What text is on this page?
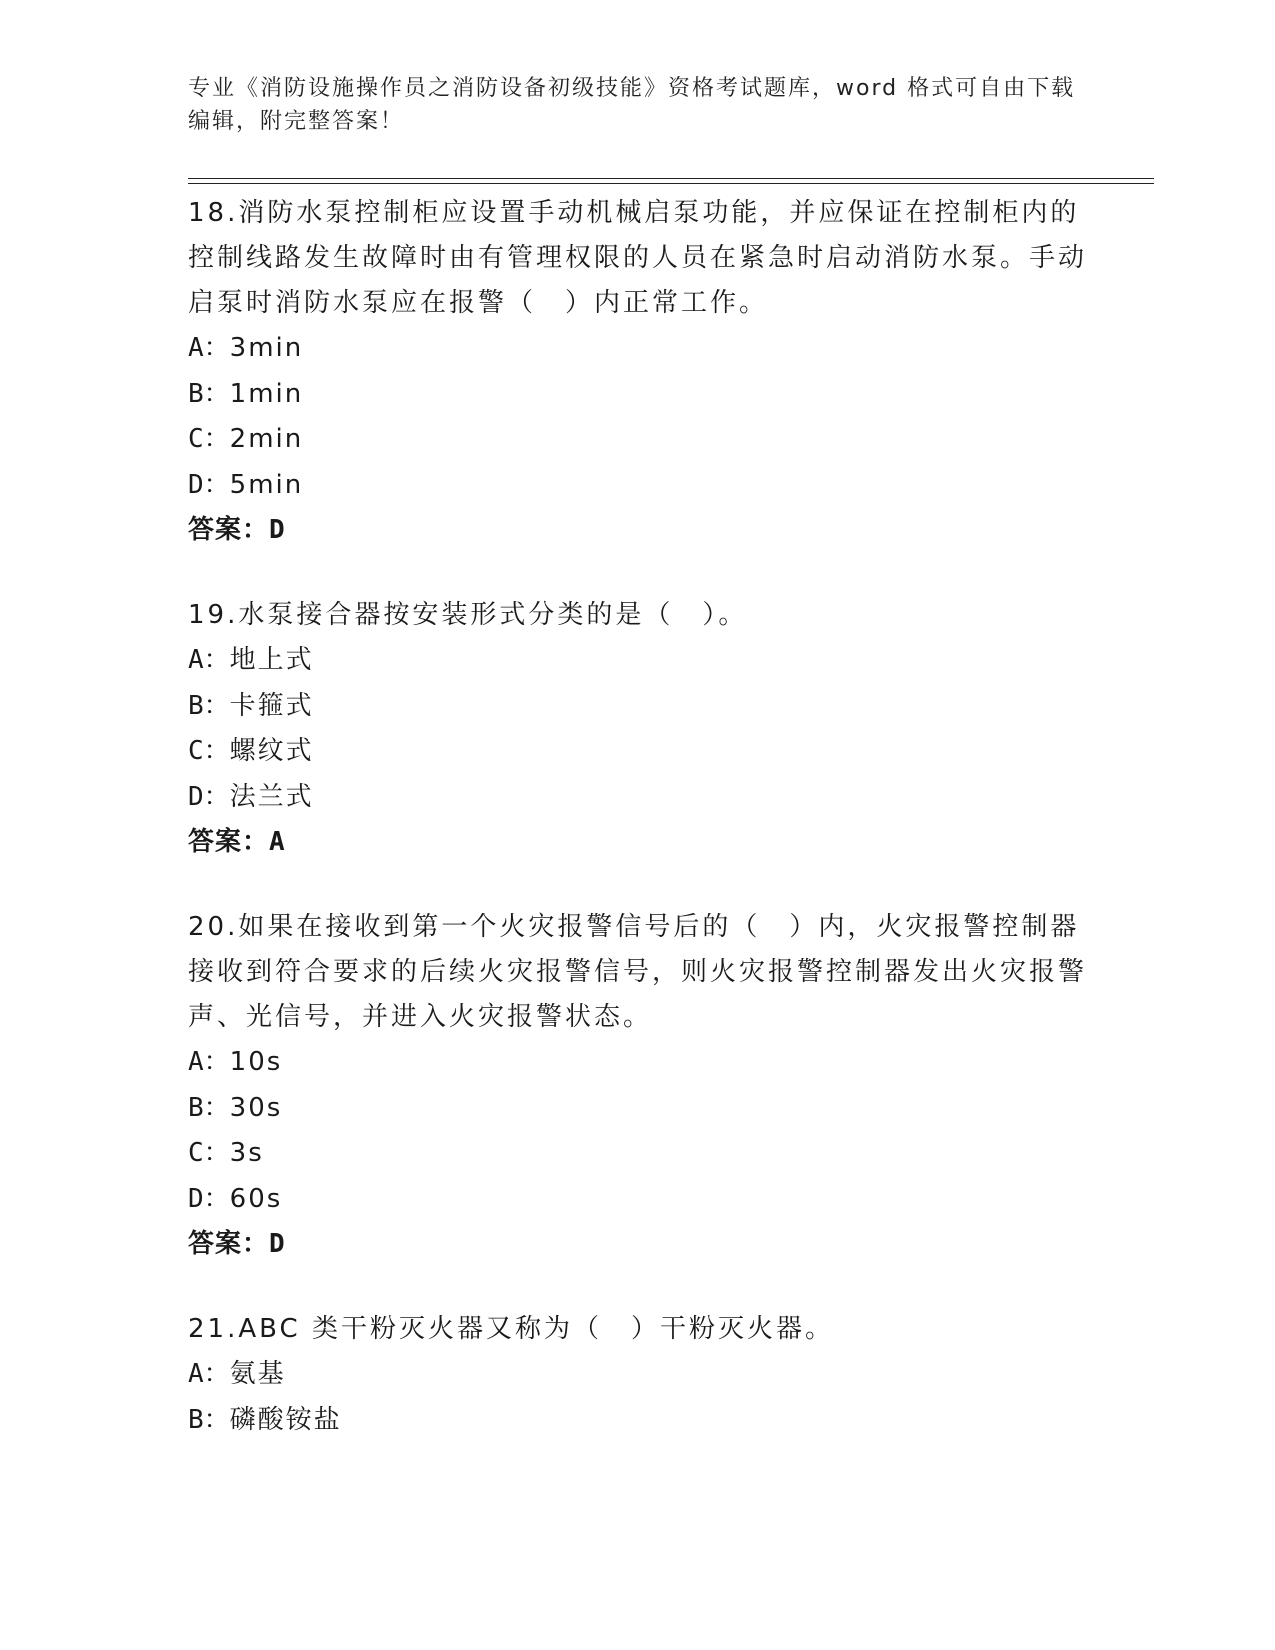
专业《消防设施操作员之消防设备初级技能》资格考试题库，word 格式可自由下载编辑，附完整答案！

18.消防水泵控制柜应设置手动机械启泵功能，并应保证在控制柜内的控制线路发生故障时由有管理权限的人员在紧急时启动消防水泵。手动启泵时消防水泵应在报警（　）内正常工作。

A：3min

B：1min

C：2min

D：5min

答案：D

19.水泵接合器按安装形式分类的是（　）。

A：地上式

B：卡箍式

C：螺纹式

D：法兰式

答案：A

20.如果在接收到第一个火灾报警信号后的（　）内，火灾报警控制器接收到符合要求的后续火灾报警信号，则火灾报警控制器发出火灾报警声、光信号，并进入火灾报警状态。

A：10s

B：30s

C：3s

D：60s

答案：D

21.ABC 类干粉灭火器又称为（　）干粉灭火器。

A：氨基

B：磷酸铵盐
